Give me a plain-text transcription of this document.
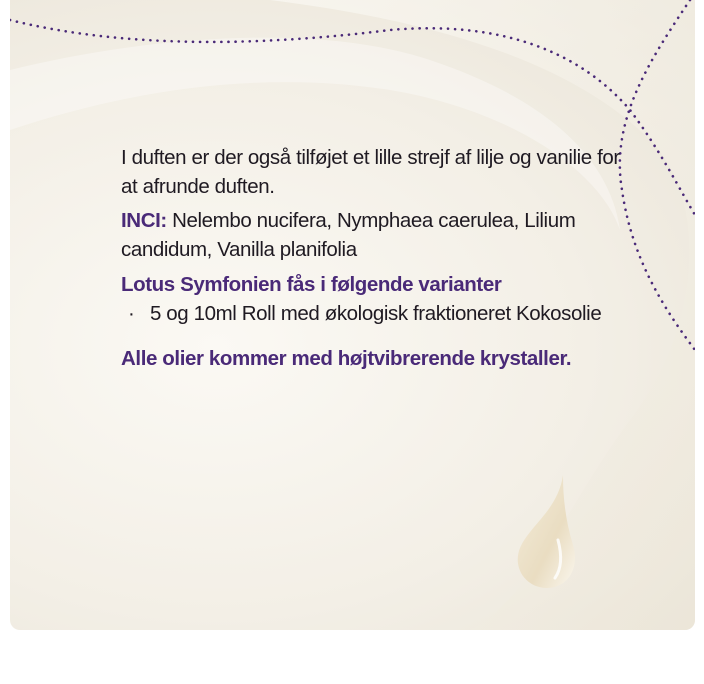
I duften er der også tilføjet et lille strejf af lilje og vanilie for at afrunde duften.

INCI: Nelembo nucifera, Nymphaea caerulea, Lilium candidum, Vanilla planifolia

Lotus Symfonien fås i følgende varianter

· 5 og 10ml Roll med økologisk fraktioneret Kokosolie

Alle olier kommer med højtvibrerende krystaller.
